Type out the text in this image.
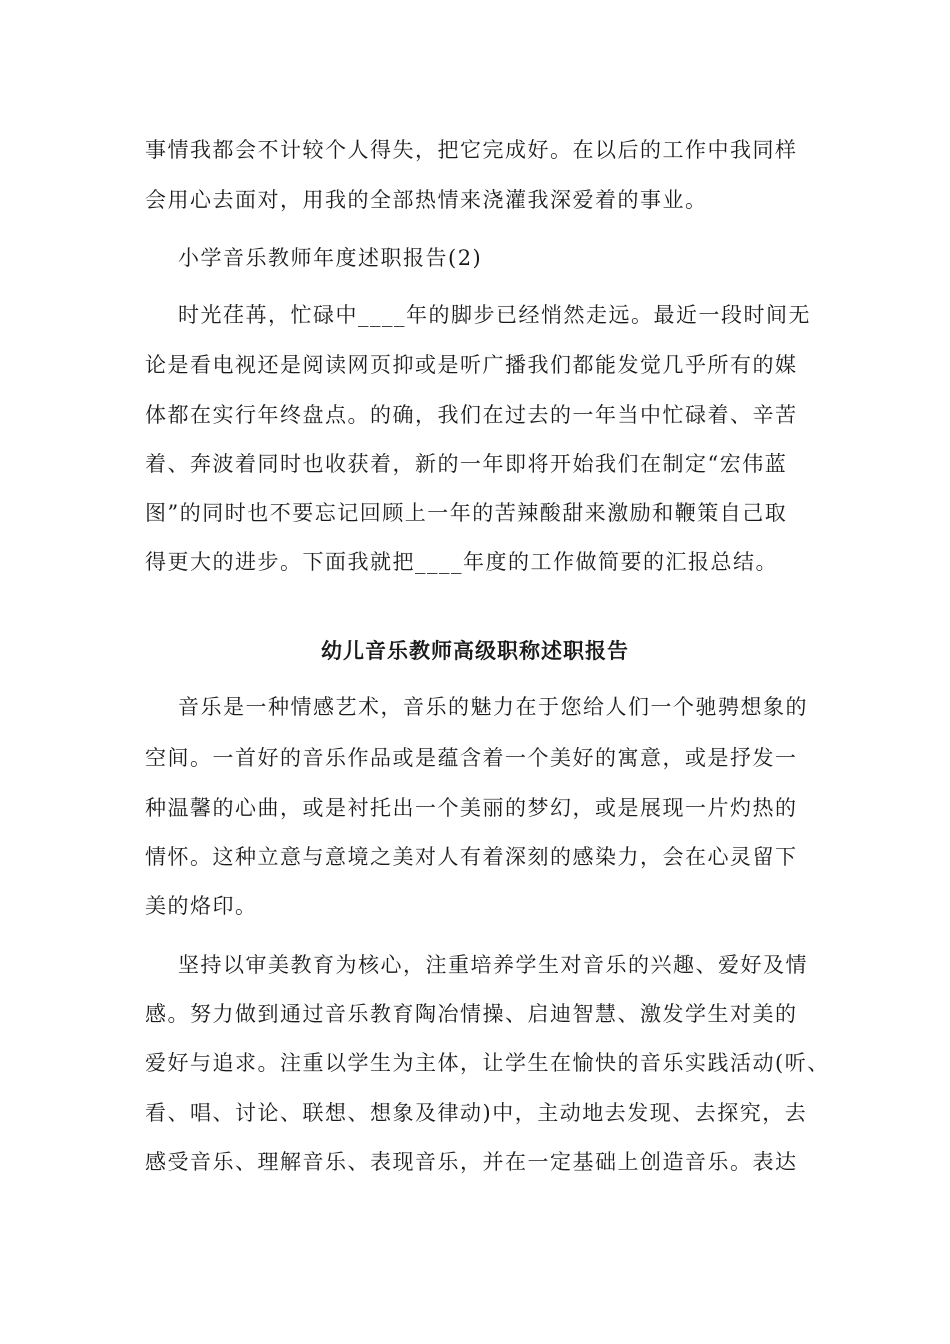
事情我都会不计较个人得失，把它完成好。在以后的工作中我同样
会用心去面对，用我的全部热情来浇灌我深爱着的事业。
小学音乐教师年度述职报告(2)
时光荏苒，忙碌中____年的脚步已经悄然走远。最近一段时间无
论是看电视还是阅读网页抑或是听广播我们都能发觉几乎所有的媒
体都在实行年终盘点。的确，我们在过去的一年当中忙碌着、辛苦
着、奔波着同时也收获着，新的一年即将开始我们在制定“宏伟蓝
图”的同时也不要忘记回顾上一年的苦辣酸甜来激励和鞭策自己取
得更大的进步。下面我就把____年度的工作做简要的汇报总结。
幼儿音乐教师高级职称述职报告
音乐是一种情感艺术，音乐的魅力在于您给人们一个驰骋想象的
空间。一首好的音乐作品或是蕴含着一个美好的寓意，或是抒发一
种温馨的心曲，或是衬托出一个美丽的梦幻，或是展现一片灼热的
情怀。这种立意与意境之美对人有着深刻的感染力，会在心灵留下
美的烙印。
坚持以审美教育为核心，注重培养学生对音乐的兴趣、爱好及情
感。努力做到通过音乐教育陶冶情操、启迪智慧、激发学生对美的
爱好与追求。注重以学生为主体，让学生在愉快的音乐实践活动(听、
看、唱、讨论、联想、想象及律动)中，主动地去发现、去探究，去
感受音乐、理解音乐、表现音乐，并在一定基础上创造音乐。表达
